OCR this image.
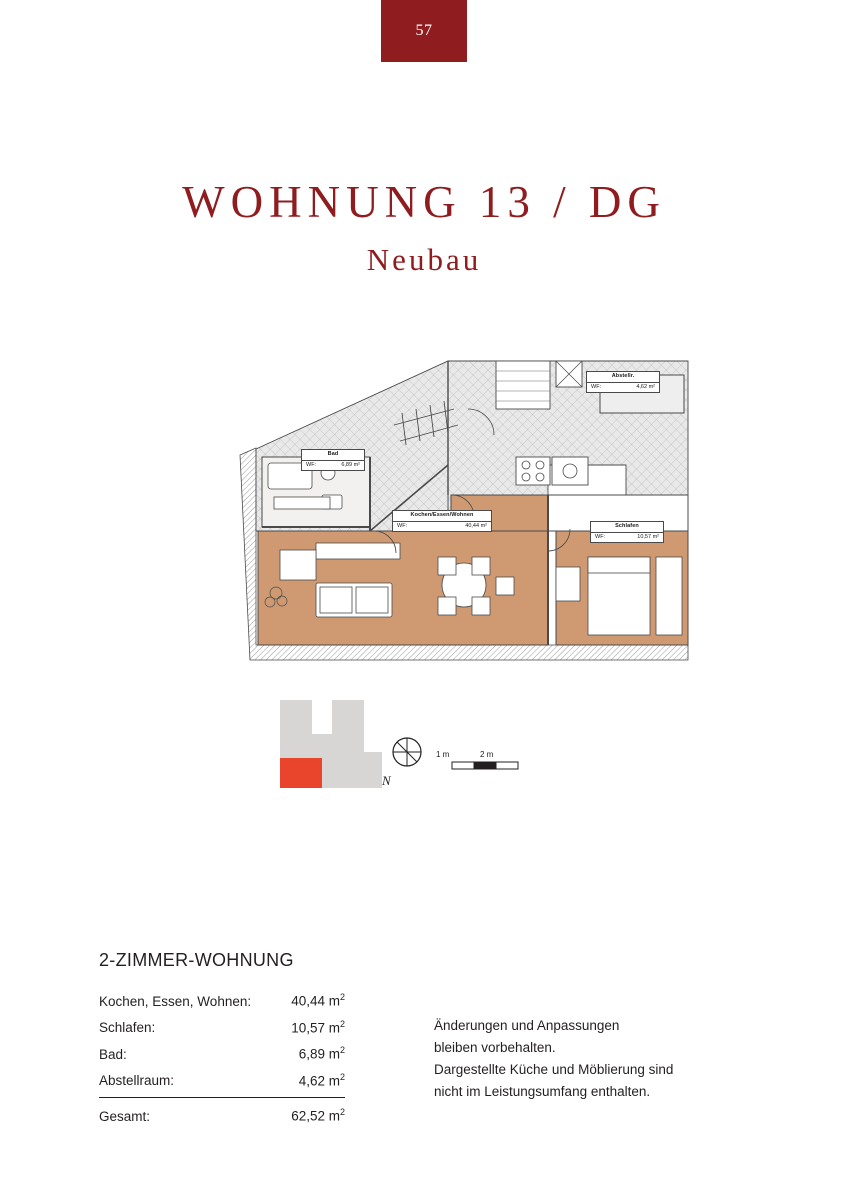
57
WOHNUNG 13 / DG
Neubau
Bad
WF:	6,89 m²
Abstellr.
WF:	4,62 m²
Kochen/Essen/Wohnen
WF:	40,44 m²	Schlafen
WF:	10,57 m²
N
1 m	2 m
2-ZIMMER-WOHNUNG
Kochen, Essen, Wohnen:	40,44 $m^2$
Schlafen:	10,57 $m^2$
Bad:	6,89 $m^2$
Abstellraum:	4,62 $m^2$
Gesamt:	62,52 $m^2$
Änderungen und Anpassungen
bleiben vorbehalten.
Dargestellte Küche und Möblierung sind
nicht im Leistungsumfang enthalten.
